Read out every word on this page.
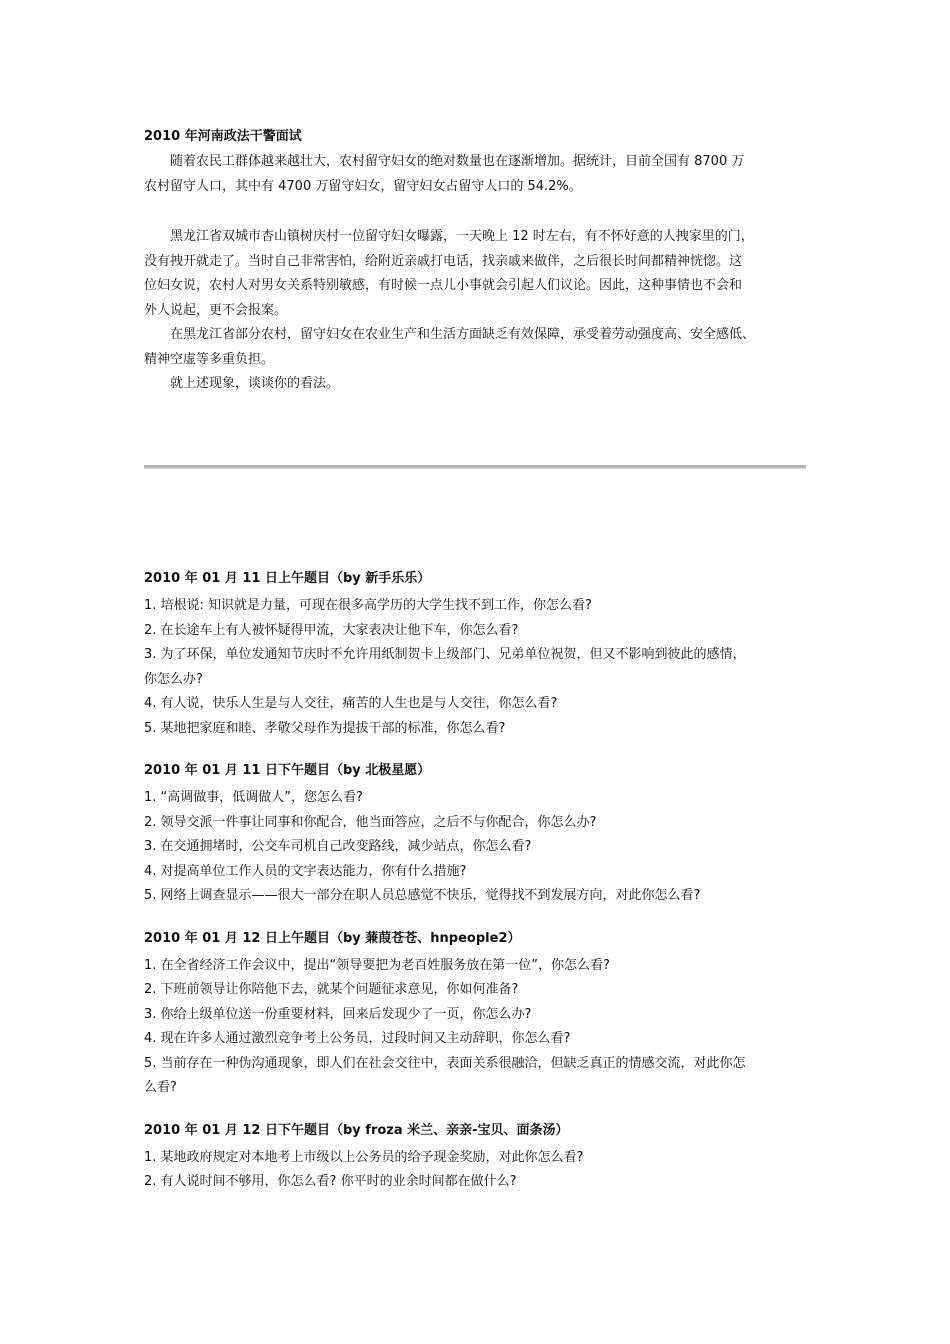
2010 年河南政法干警面试

随着农民工群体越来越壮大，农村留守妇女的绝对数量也在逐渐增加。据统计，目前全国有 8700 万

农村留守人口，其中有 4700 万留守妇女，留守妇女占留守人口的 54.2%。

黑龙江省双城市杏山镇树庆村一位留守妇女曝露，一天晚上 12 时左右，有不怀好意的人拽家里的门，

没有拽开就走了。当时自己非常害怕，给附近亲戚打电话，找亲戚来做伴，之后很长时间都精神恍惚。这

位妇女说，农村人对男女关系特别敏感，有时候一点儿小事就会引起人们议论。因此，这种事情也不会和

外人说起，更不会报案。

在黑龙江省部分农村，留守妇女在农业生产和生活方面缺乏有效保障，承受着劳动强度高、安全感低、

精神空虚等多重负担。

就上述现象，谈谈你的看法。

2010 年 01 月 11 日上午题目（by 新手乐乐）

1. 培根说: 知识就是力量，可现在很多高学历的大学生找不到工作，你怎么看?

2. 在长途车上有人被怀疑得甲流，大家表决让他下车，你怎么看?

3. 为了环保，单位发通知节庆时不允许用纸制贺卡上级部门、兄弟单位祝贺，但又不影响到彼此的感情，

你怎么办?

4. 有人说，快乐人生是与人交往，痛苦的人生也是与人交往，你怎么看?

5. 某地把家庭和睦、孝敬父母作为提拔干部的标准，你怎么看?

2010 年 01 月 11 日下午题目（by 北极星愿）

1. “高调做事，低调做人”，您怎么看?

2. 领导交派一件事让同事和你配合，他当面答应，之后不与你配合，你怎么办?

3. 在交通拥堵时，公交车司机自己改变路线，减少站点，你怎么看?

4. 对提高单位工作人员的文字表达能力，你有什么措施?

5. 网络上调查显示——很大一部分在职人员总感觉不快乐，觉得找不到发展方向，对此你怎么看?

2010 年 01 月 12 日上午题目（by 蒹葭苍苍、hnpeople2）

1. 在全省经济工作会议中，提出“领导要把为老百姓服务放在第一位”，你怎么看?

2. 下班前领导让你陪他下去，就某个问题征求意见，你如何准备?

3. 你给上级单位送一份重要材料，回来后发现少了一页，你怎么办?

4. 现在许多人通过激烈竞争考上公务员，过段时间又主动辞职，你怎么看?

5. 当前存在一种伪沟通现象，即人们在社会交往中，表面关系很融洽，但缺乏真正的情感交流，对此你怎

么看?

2010 年 01 月 12 日下午题目（by froza 米兰、亲亲-宝贝、面条汤）

1. 某地政府规定对本地考上市级以上公务员的给予现金奖励，对此你怎么看?

2. 有人说时间不够用，你怎么看? 你平时的业余时间都在做什么?
